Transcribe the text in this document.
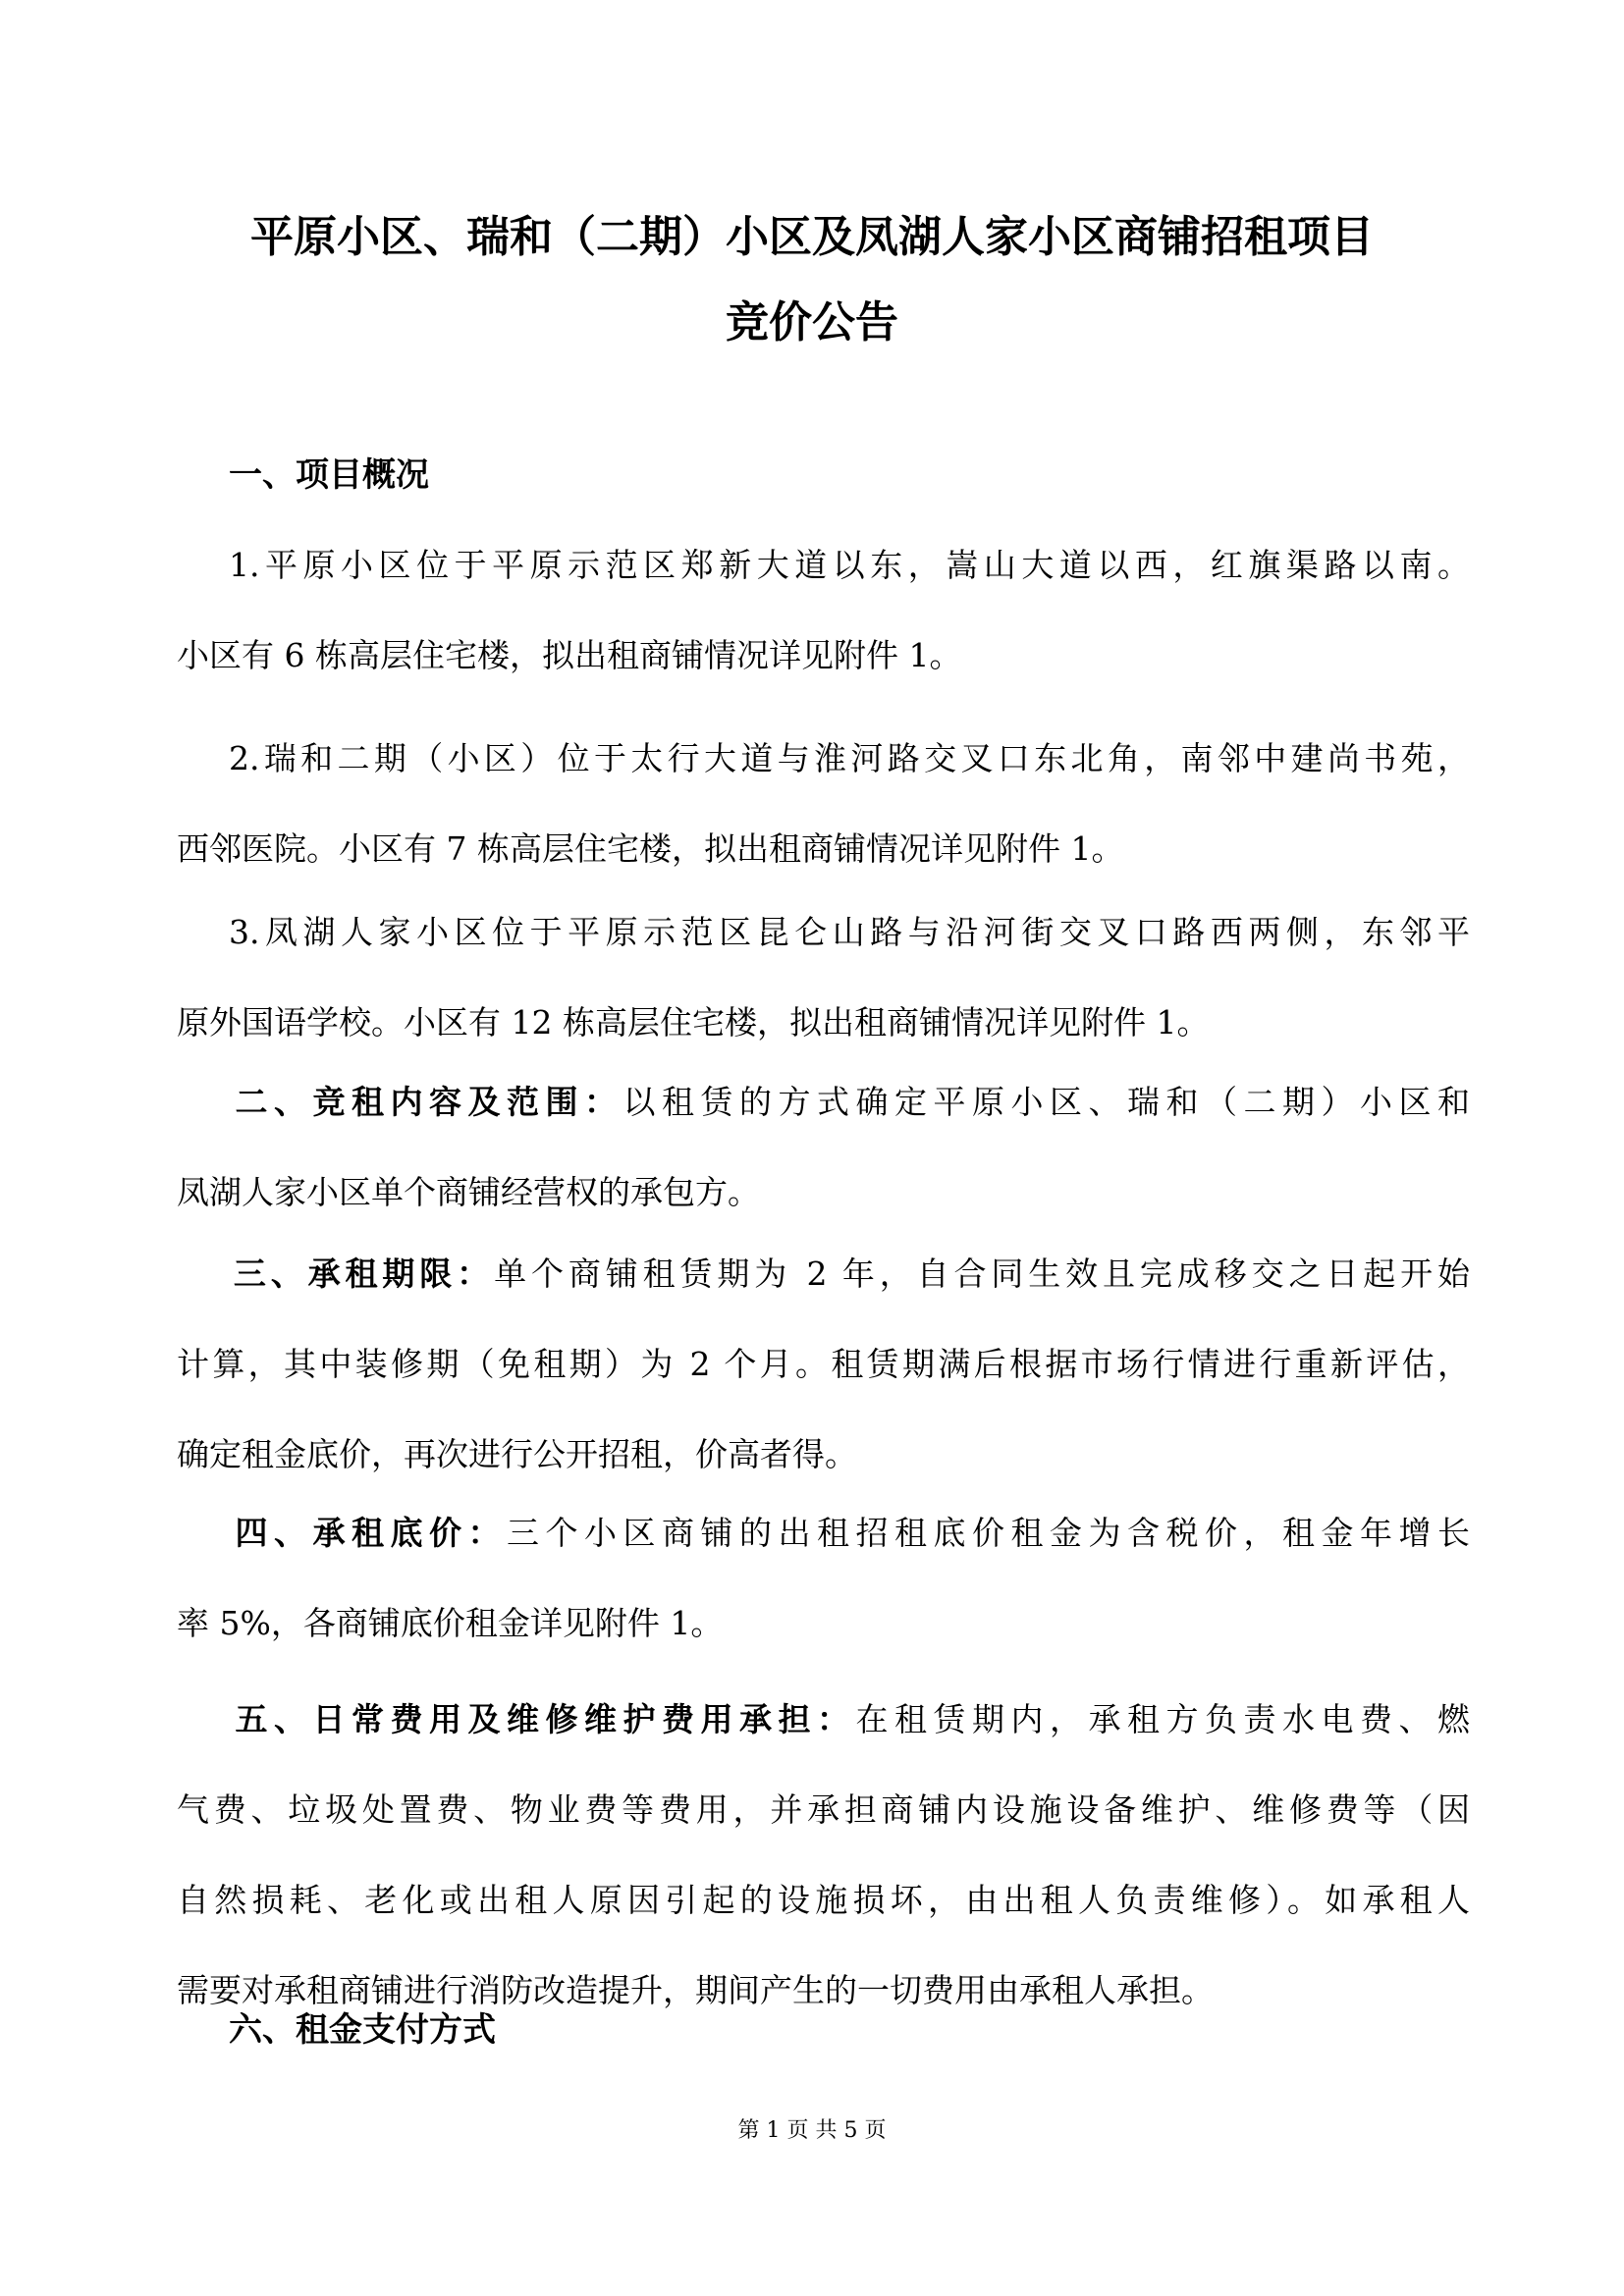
平原小区、瑞和（二期）小区及凤湖人家小区商铺招租项目
竞价公告
一、项目概况
1.平原小区位于平原示范区郑新大道以东，嵩山大道以西，红旗渠路以南。
小区有 6 栋高层住宅楼，拟出租商铺情况详见附件 1。
2.瑞和二期（小区）位于太行大道与淮河路交叉口东北角，南邻中建尚书苑，
西邻医院。小区有 7 栋高层住宅楼，拟出租商铺情况详见附件 1。
3.凤湖人家小区位于平原示范区昆仑山路与沿河街交叉口路西两侧，东邻平
原外国语学校。小区有 12 栋高层住宅楼，拟出租商铺情况详见附件 1。
二、竞租内容及范围：以租赁的方式确定平原小区、瑞和（二期）小区和
凤湖人家小区单个商铺经营权的承包方。
三、承租期限：单个商铺租赁期为 2 年，自合同生效且完成移交之日起开始
计算，其中装修期（免租期）为 2 个月。租赁期满后根据市场行情进行重新评估，
确定租金底价，再次进行公开招租，价高者得。
四、承租底价：三个小区商铺的出租招租底价租金为含税价，租金年增长
率 5%，各商铺底价租金详见附件 1。
五、日常费用及维修维护费用承担：在租赁期内，承租方负责水电费、燃
气费、垃圾处置费、物业费等费用，并承担商铺内设施设备维护、维修费等（因
自然损耗、老化或出租人原因引起的设施损坏，由出租人负责维修）。如承租人
需要对承租商铺进行消防改造提升，期间产生的一切费用由承租人承担。
六、租金支付方式
第 1 页 共 5 页
